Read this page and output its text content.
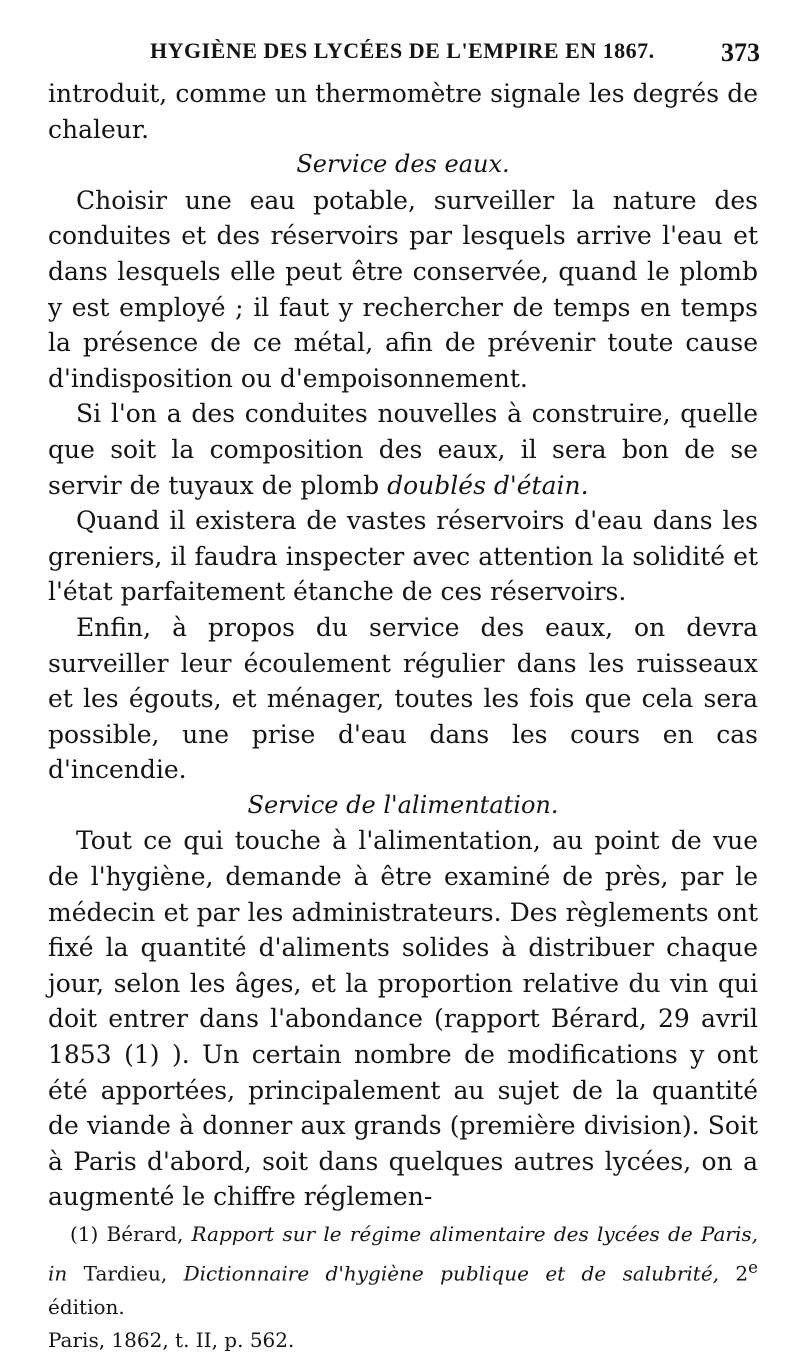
HYGIÈNE DES LYCÉES DE L'EMPIRE EN 1867.	373

introduit, comme un thermomètre signale les degrés de chaleur.

Service des eaux.

Choisir une eau potable, surveiller la nature des conduites et des réservoirs par lesquels arrive l'eau et dans lesquels elle peut être conservée, quand le plomb y est employé ; il faut y rechercher de temps en temps la présence de ce métal, afin de prévenir toute cause d'indisposition ou d'empoisonnement.

Si l'on a des conduites nouvelles à construire, quelle que soit la composition des eaux, il sera bon de se servir de tuyaux de plomb doublés d'étain.

Quand il existera de vastes réservoirs d'eau dans les greniers, il faudra inspecter avec attention la solidité et l'état parfaitement étanche de ces réservoirs.

Enfin, à propos du service des eaux, on devra surveiller leur écoulement régulier dans les ruisseaux et les égouts, et ménager, toutes les fois que cela sera possible, une prise d'eau dans les cours en cas d'incendie.

Service de l'alimentation.

Tout ce qui touche à l'alimentation, au point de vue de l'hygiène, demande à être examiné de près, par le médecin et par les administrateurs. Des règlements ont fixé la quantité d'aliments solides à distribuer chaque jour, selon les âges, et la proportion relative du vin qui doit entrer dans l'abondance (rapport Bérard, 29 avril 1853 (1) ). Un certain nombre de modifications y ont été apportées, principalement au sujet de la quantité de viande à donner aux grands (première division). Soit à Paris d'abord, soit dans quelques autres lycées, on a augmenté le chiffre réglemen-

(1) Bérard, Rapport sur le régime alimentaire des lycées de Paris, in Tardieu, Dictionnaire d'hygiène publique et de salubrité, 2e édition.

Paris, 1862, t. II, p. 562.
